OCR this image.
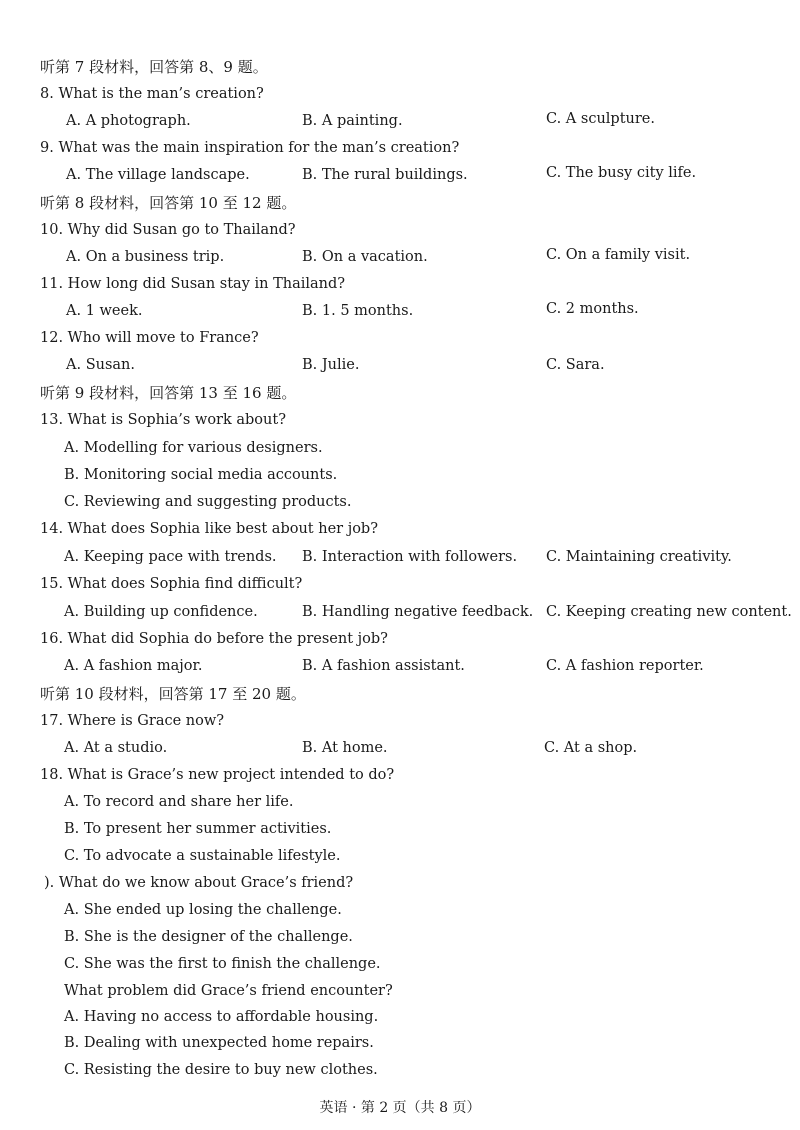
听第 7 段材料，回答第 8、9 题。
8. What is the man’s creation?
A. A photograph.	B. A painting.	C. A sculpture.
9. What was the main inspiration for the man’s creation?
A. The village landscape.	B. The rural buildings.	C. The busy city life.
听第 8 段材料，回答第 10 至 12 题。
10. Why did Susan go to Thailand?
A. On a business trip.	B. On a vacation.	C. On a family visit.
11. How long did Susan stay in Thailand?
A. 1 week.	B. 1. 5 months.	C. 2 months.
12. Who will move to France?
A. Susan.	B. Julie.	C. Sara.
听第 9 段材料，回答第 13 至 16 题。
13. What is Sophia’s work about?
A. Modelling for various designers.
B. Monitoring social media accounts.
C. Reviewing and suggesting products.
14. What does Sophia like best about her job?
A. Keeping pace with trends. B. Interaction with followers. C. Maintaining creativity.
15. What does Sophia find difficult?
A. Building up confidence.	B. Handling negative feedback. C. Keeping creating new content.
16. What did Sophia do before the present job?
A. A fashion major.	B. A fashion assistant.	C. A fashion reporter.
听第 10 段材料，回答第 17 至 20 题。
17. Where is Grace now?
A. At a studio.	B. At home.	C. At a shop.
18. What is Grace’s new project intended to do?
A. To record and share her life.
B. To present her summer activities.
C. To advocate a sustainable lifestyle.
). What do we know about Grace’s friend?
A. She ended up losing the challenge.
B. She is the designer of the challenge.
C. She was the first to finish the challenge.
What problem did Grace’s friend encounter?
A. Having no access to affordable housing.
B. Dealing with unexpected home repairs.
C. Resisting the desire to buy new clothes.
英语 · 第 2 页（共 8 页）
